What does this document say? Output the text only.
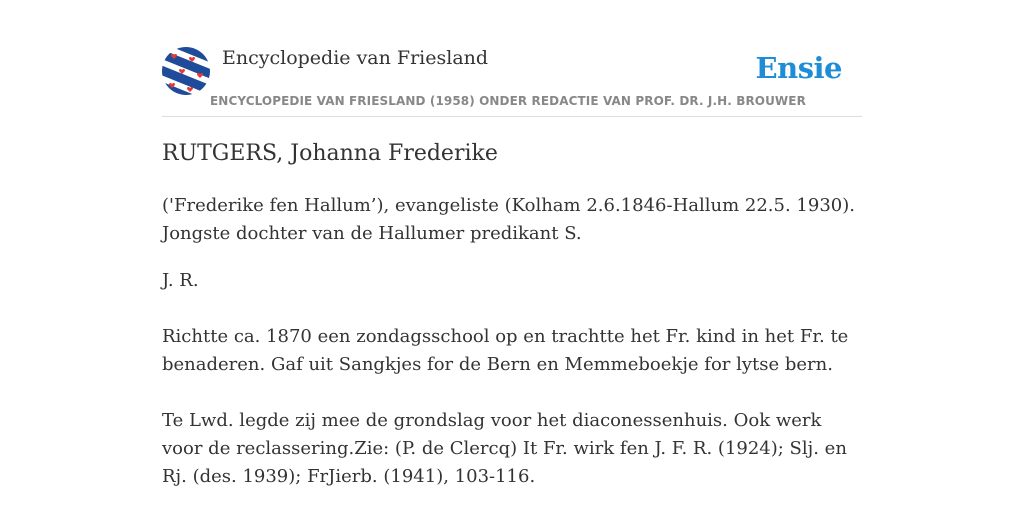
Encyclopedie van Friesland	Ensie
ENCYCLOPEDIE VAN FRIESLAND (1958) ONDER REDACTIE VAN PROF. DR. J.H. BROUWER
RUTGERS, Johanna Frederike

('Frederike fen Hallum’), evangeliste (Kolham 2.6.1846-Hallum 22.5. 1930).
Jongste dochter van de Hallumer predikant S.

J. R.

Richtte ca. 1870 een zondagsschool op en trachtte het Fr. kind in het Fr. te benaderen. Gaf uit Sangkjes for de Bern en Memmeboekje for lytse bern.

Te Lwd. legde zij mee de grondslag voor het diaconessenhuis. Ook werk voor de reclassering.Zie: (P. de Clercq) It Fr. wirk fen J. F. R. (1924); Slj. en Rj. (des. 1939); FrJierb. (1941), 103-116.
